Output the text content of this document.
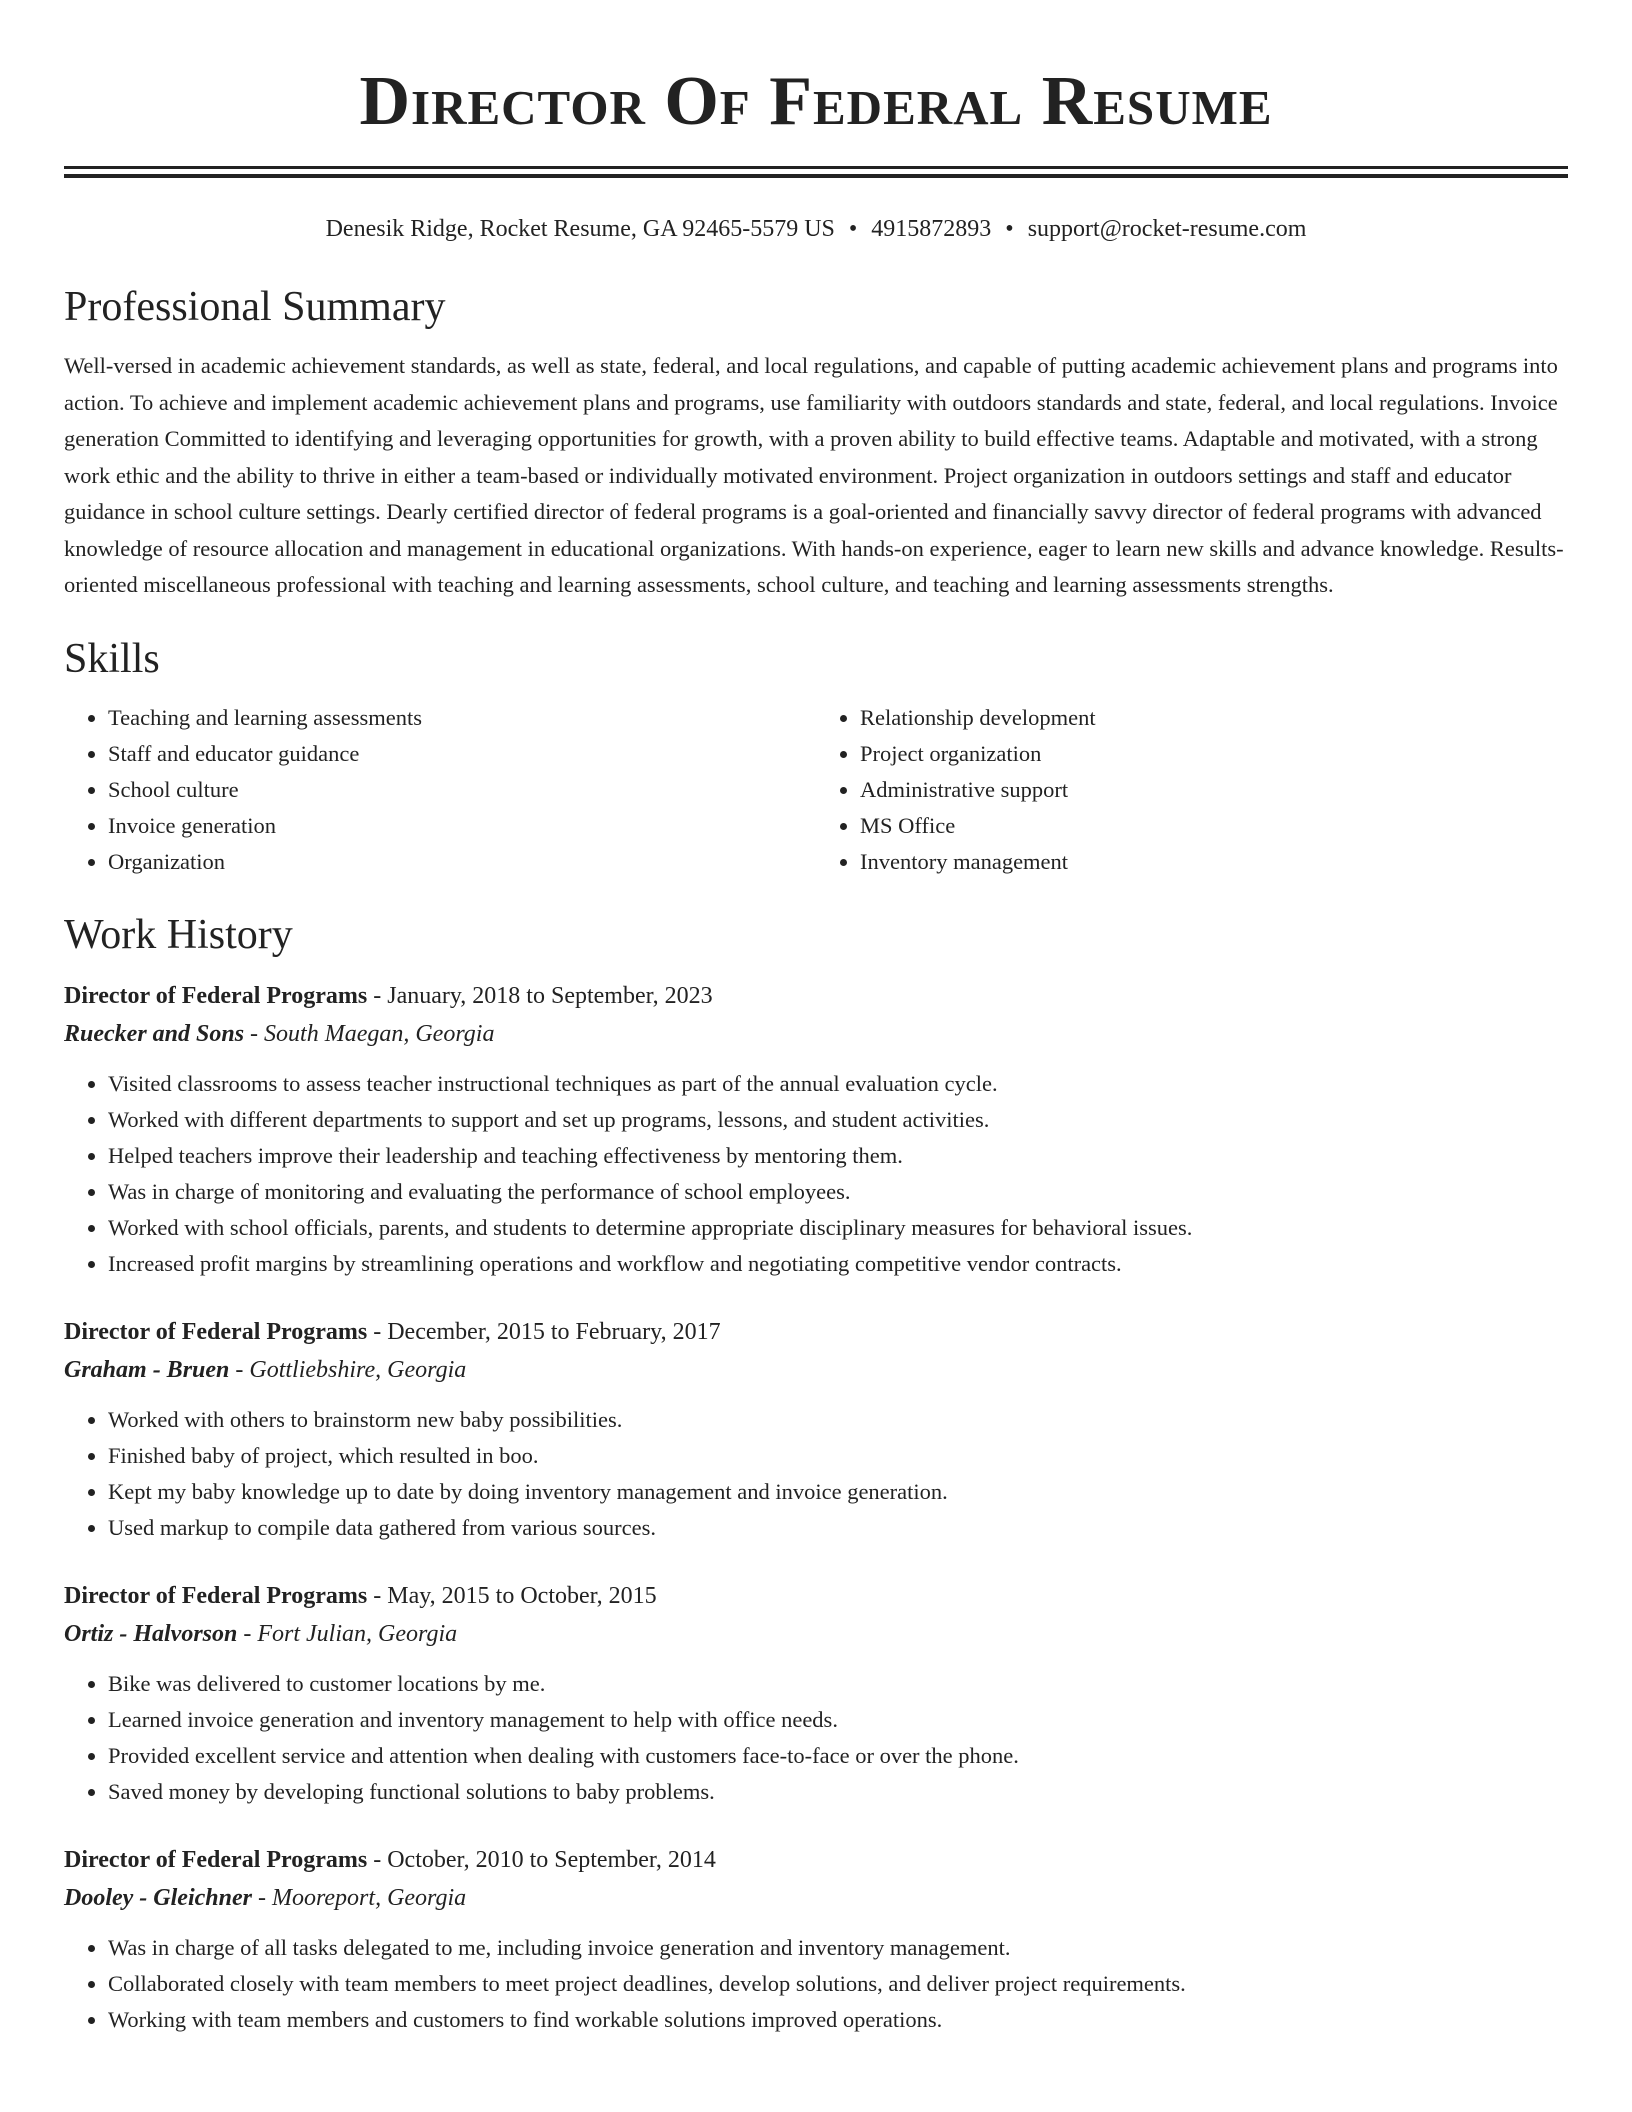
Director Of Federal Resume
Denesik Ridge, Rocket Resume, GA 92465-5579 US • 4915872893 • support@rocket-resume.com
Professional Summary

Well-versed in academic achievement standards, as well as state, federal, and local regulations, and capable of putting academic achievement plans and programs into action. To achieve and implement academic achievement plans and programs, use familiarity with outdoors standards and state, federal, and local regulations. Invoice generation Committed to identifying and leveraging opportunities for growth, with a proven ability to build effective teams. Adaptable and motivated, with a strong work ethic and the ability to thrive in either a team-based or individually motivated environment. Project organization in outdoors settings and staff and educator guidance in school culture settings. Dearly certified director of federal programs is a goal-oriented and financially savvy director of federal programs with advanced knowledge of resource allocation and management in educational organizations. With hands-on experience, eager to learn new skills and advance knowledge. Results-oriented miscellaneous professional with teaching and learning assessments, school culture, and teaching and learning assessments strengths.

Skills
• Teaching and learning assessments
• Staff and educator guidance
• School culture
• Invoice generation
• Organization
• Relationship development
• Project organization
• Administrative support
• MS Office
• Inventory management
Work History
Director of Federal Programs - January, 2018 to September, 2023
Ruecker and Sons - South Maegan, Georgia
• Visited classrooms to assess teacher instructional techniques as part of the annual evaluation cycle.
• Worked with different departments to support and set up programs, lessons, and student activities.
• Helped teachers improve their leadership and teaching effectiveness by mentoring them.
• Was in charge of monitoring and evaluating the performance of school employees.
• Worked with school officials, parents, and students to determine appropriate disciplinary measures for behavioral issues.
• Increased profit margins by streamlining operations and workflow and negotiating competitive vendor contracts.
Director of Federal Programs - December, 2015 to February, 2017
Graham - Bruen - Gottliebshire, Georgia
• Worked with others to brainstorm new baby possibilities.
• Finished baby of project, which resulted in boo.
• Kept my baby knowledge up to date by doing inventory management and invoice generation.
• Used markup to compile data gathered from various sources.
Director of Federal Programs - May, 2015 to October, 2015
Ortiz - Halvorson - Fort Julian, Georgia
• Bike was delivered to customer locations by me.
• Learned invoice generation and inventory management to help with office needs.
• Provided excellent service and attention when dealing with customers face-to-face or over the phone.
• Saved money by developing functional solutions to baby problems.
Director of Federal Programs - October, 2010 to September, 2014
Dooley - Gleichner - Mooreport, Georgia
• Was in charge of all tasks delegated to me, including invoice generation and inventory management.
• Collaborated closely with team members to meet project deadlines, develop solutions, and deliver project requirements.
• Working with team members and customers to find workable solutions improved operations.
